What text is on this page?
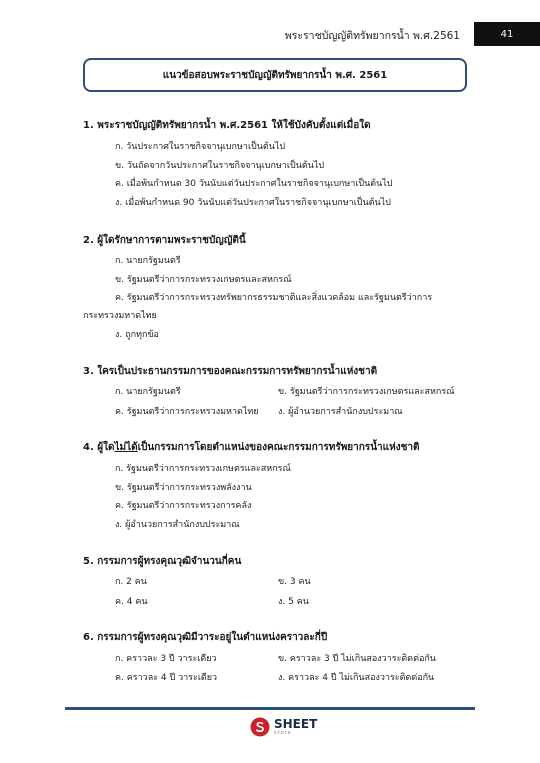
พระราชบัญญัติทรัพยากรน้ำ พ.ศ.2561	41
แนวข้อสอบพระราชบัญญัติทรัพยากรน้ำ พ.ศ. 2561
1. พระราชบัญญัติทรัพยากรน้ำ พ.ศ.2561 ให้ใช้บังคับตั้งแต่เมื่อใด
ก. วันประกาศในราชกิจจานุเบกษาเป็นต้นไป
ข. วันถัดจากวันประกาศในราชกิจจานุเบกษาเป็นต้นไป
ค. เมื่อพ้นกำหนด 30 วันนับแต่วันประกาศในราชกิจจานุเบกษาเป็นต้นไป
ง. เมื่อพ้นกำหนด 90 วันนับแต่วันประกาศในราชกิจจานุเบกษาเป็นต้นไป
2. ผู้ใดรักษาการตามพระราชบัญญัตินี้
ก. นายกรัฐมนตรี
ข. รัฐมนตรีว่าการกระทรวงเกษตรและสหกรณ์
ค. รัฐมนตรีว่าการกระทรวงทรัพยากรธรรมชาติและสิ่งแวดล้อม และรัฐมนตรีว่าการ
กระทรวงมหาดไทย
ง. ถูกทุกข้อ
3. ใครเป็นประธานกรรมการของคณะกรรมการทรัพยากรน้ำแห่งชาติ
ก. นายกรัฐมนตรี	ข. รัฐมนตรีว่าการกระทรวงเกษตรและสหกรณ์
ค. รัฐมนตรีว่าการกระทรวงมหาดไทย ง. ผู้อำนวยการสำนักงบประมาณ
4. ผู้ใดไม่ได้เป็นกรรมการโดยตำแหน่งของคณะกรรมการทรัพยากรน้ำแห่งชาติ
ก. รัฐมนตรีว่าการกระทรวงเกษตรและสหกรณ์
ข. รัฐมนตรีว่าการกระทรวงพลังงาน
ค. รัฐมนตรีว่าการกระทรวงการคลัง
ง. ผู้อำนวยการสำนักงบประมาณ
5. กรรมการผู้ทรงคุณวุฒิจำนวนกี่คน
ก. 2 คน	ข. 3 คน
ค. 4 คน	ง. 5 คน
6. กรรมการผู้ทรงคุณวุฒิมีวาระอยู่ในตำแหน่งคราวละกี่ปี
ก. คราวละ 3 ปี วาระเดียว	ข. คราวละ 3 ปี ไม่เกินสองวาระติดต่อกัน
ค. คราวละ 4 ปี วาระเดียว	ง. คราวละ 4 ปี ไม่เกินสองวาระติดต่อกัน
SHEET
store
